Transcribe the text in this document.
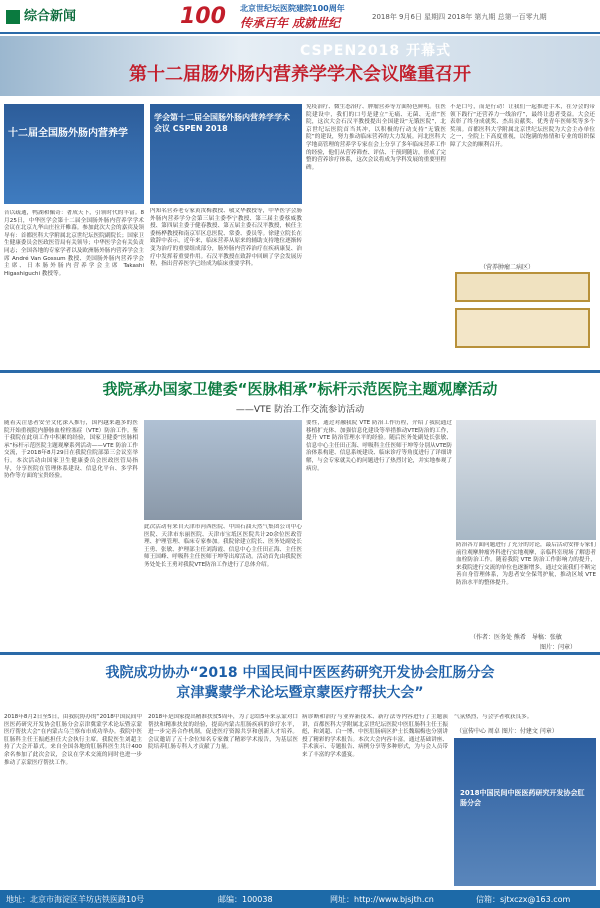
综合新闻	100 北京世纪坛医院建院100周年
传承百年 成就世纪	2018年 9月6日 星期四 2018年 第九期 总第一百零九期
CSPEN2018 开幕式
第十二届肠外肠内营养学学术会议隆重召开
十二届全国肠外肠内营养学
学会第十二届全国肠外肠内营养学学术会议 CSPEN 2018
昔以疏通，鸭湖和佩奇：著成天下，引领时代的丰富。8月25日，中华医学会第十二届全国肠外肠内营养学学术会议在北京九华山庄拉开帷幕。参加此次大会的嘉宾及领导有：首都医科大学附属北京世纪坛医院副院长；国家卫生健康委员会医政医管局有关领导；中华医学会有关负责同志；全国各地的专家学者以及欧洲肠外肠内营养学会主席 André Van Gossum 教授、美国肠外肠内营养学会主席、日本肠外肠内营养学会主席 Takashi Higashiguchi 教授等。
内知名营养老专家黄汝梅教授、敬文华教授等，中华医学会肠外肠内营养学分会第三届主委李宁教授、第三届主委蔡威教授、第四届主委于健春教授、第五届主委石汉平教授，候任主委杨桦教授和南京军区总医院、常委、委员等。徐建立院长在致辞中表示，近年来，临床营养从原来的辅助支持地位逐渐转变为治疗的重要组成部分，肠外肠内营养治疗在疾病康复、治疗中发挥着重要作用。石汉平教授在致辞中回顾了学会发展历程，指出营养医学已经成为临床重要学科。
免疫治疗、微生态治疗、肿瘤营养等方面特色鲜明。在医院建设中，我们的口号是建立“无痛、无菌、无虐”医院，这次大会石汉平教授提出全国建设“无饿医院”，北京世纪坛医院首当其冲，以积极的行动支持“无饿医院”的建设，努力推动临床营养的大力发展。河北医科大学地高管理的营养学专家在会上分享了多年临床营养工作的经验，他们从营养筛查、评估、干预到随访，形成了完整的营养诊疗体系，这次会议将成为学科发展的重要里程碑。
不是口号，而是行动！让我们一起推进手术，在分会的带领下践行“还营养力一线治疗”，最终让患者受益。大会还表彰了终身成就奖、杰出贡献奖、优秀青年医师奖等多个奖项。首都医科大学附属北京世纪坛医院为大会主办单位之一，全院上下高度重视，以饱满的热情和专业的组织保障了大会的顺利召开。
（营养肿瘤二病区）
我院承办国家卫健委“医脉相承”标杆示范医院主题观摩活动
——VTE 防治工作交流参访活动
随着关注患者安全文化深入推行，国内越来越多的医院开始重视院内静脉血栓栓塞症（VTE）防治工作。鉴于我院在此项工作中积累的经验，国家卫健委“医脉相承”标杆示范医院主题观摩系列活动——VTE 防治工作交流，于2018年8月29日在我院住院部第三会议室举行。本次活动由国家卫生健康委员会医政医管局指导，分享医院在管理体系建设、信息化平台、多学科协作等方面的宝贵经验。
此次活动有来自天津市河西医院、中国石油天然气集团公司中心医院、天津市东丽医院、天津市宝坻区医院共计20余位医政管理、护理管理、临床专家参加。我院徐建立院长、医务处副处长王勇、张敏、护理部主任刘海霞、信息中心主任田正海、主任医师王国峰、呼吸科主任医师于坤等出席活动。活动首先由我院医务处处长王勇对我院VTE防治工作进行了总体介绍。
要性，通过对融我院 VTE 防治工作历程，介绍了我院通过移植扩充体、加强信息化建设等举措推动VTE防治的工作，提升 VTE 防治管理水平的经验。随后医务处副处长张敏、信息中心主任田正海、呼吸科主任医师于坤等分别从VTE防治体系构建、信息系统建设、临床诊疗等角度进行了详细讲解，与会专家就关心的问题进行了热烈讨论，并实地参观了病房。
防治各方面问题进行了充分的讨论，最后活动安排专家们前往观摩肿瘤外科进行实地观摩，亲临科室现场了解患者血栓防治工作。随着我院 VTE 防治工作影响力的提升，来我院进行交流的单位也逐渐增多，通过交流我们不断完善自身管理体系，为患者安全保驾护航，推动区域 VTE 防治水平的整体提升。
（作者：医务处 熊希　导稿：张敏
图片：闫章）
我院成功协办“2018 中国民间中医医药研究开发协会肛肠分会
京津冀蒙学术论坛暨京蒙医疗帮扶大会”
2018年8月2日至5日，由我院协办的“2018中国民间中医医药研究开发协会肛肠分会京津冀蒙学术论坛暨京蒙医疗帮扶大会”在内蒙古乌兰察布市成功举办。我院中医肛肠科主任王振彪担任大会执行主席。我院医生刘超主持了大会开幕式。来自全国各地的肛肠科医生共计400余名参加了此次会议，会议在学术交流的同时也进一步推动了京蒙医疗帮扶工作。
2018年是国家提出精准扶贫5周年，为了总结5年来京蒙对口帮扶和精准扶贫的经验，提高内蒙古肛肠疾病的诊疗水平，进一步完善合作机制，促进医疗资源共享和创新人才培养。会议邀请了五十余位知名专家做了精彩学术报告，为基层医院培养肛肠专科人才贡献了力量。
病诊断和治疗与业界新技术、新疗法等内容进行了主题演讲，首都医科大学附属北京世纪坛医院中医肛肠科主任王振彪，和刘超、白一博、中医肛肠病区护士长魏瑞梅也分别讲授了精彩的学术报告。本次大会内容丰富，通过基础讲座、手术演示、专题报告、病例分享等多种形式，为与会人员带来了丰富的学术盛宴。
气氛热烈，与会学者收获良多。
（宣传中心 周卓 图片：付建文 闫章）
2018中国民间中医医药研究开发协会肛肠分会
地址：北京市海淀区羊坊店铁医路10号	邮编：100038	网址：http://www.bjsjth.cn	信箱：sjtxczx@163.com
